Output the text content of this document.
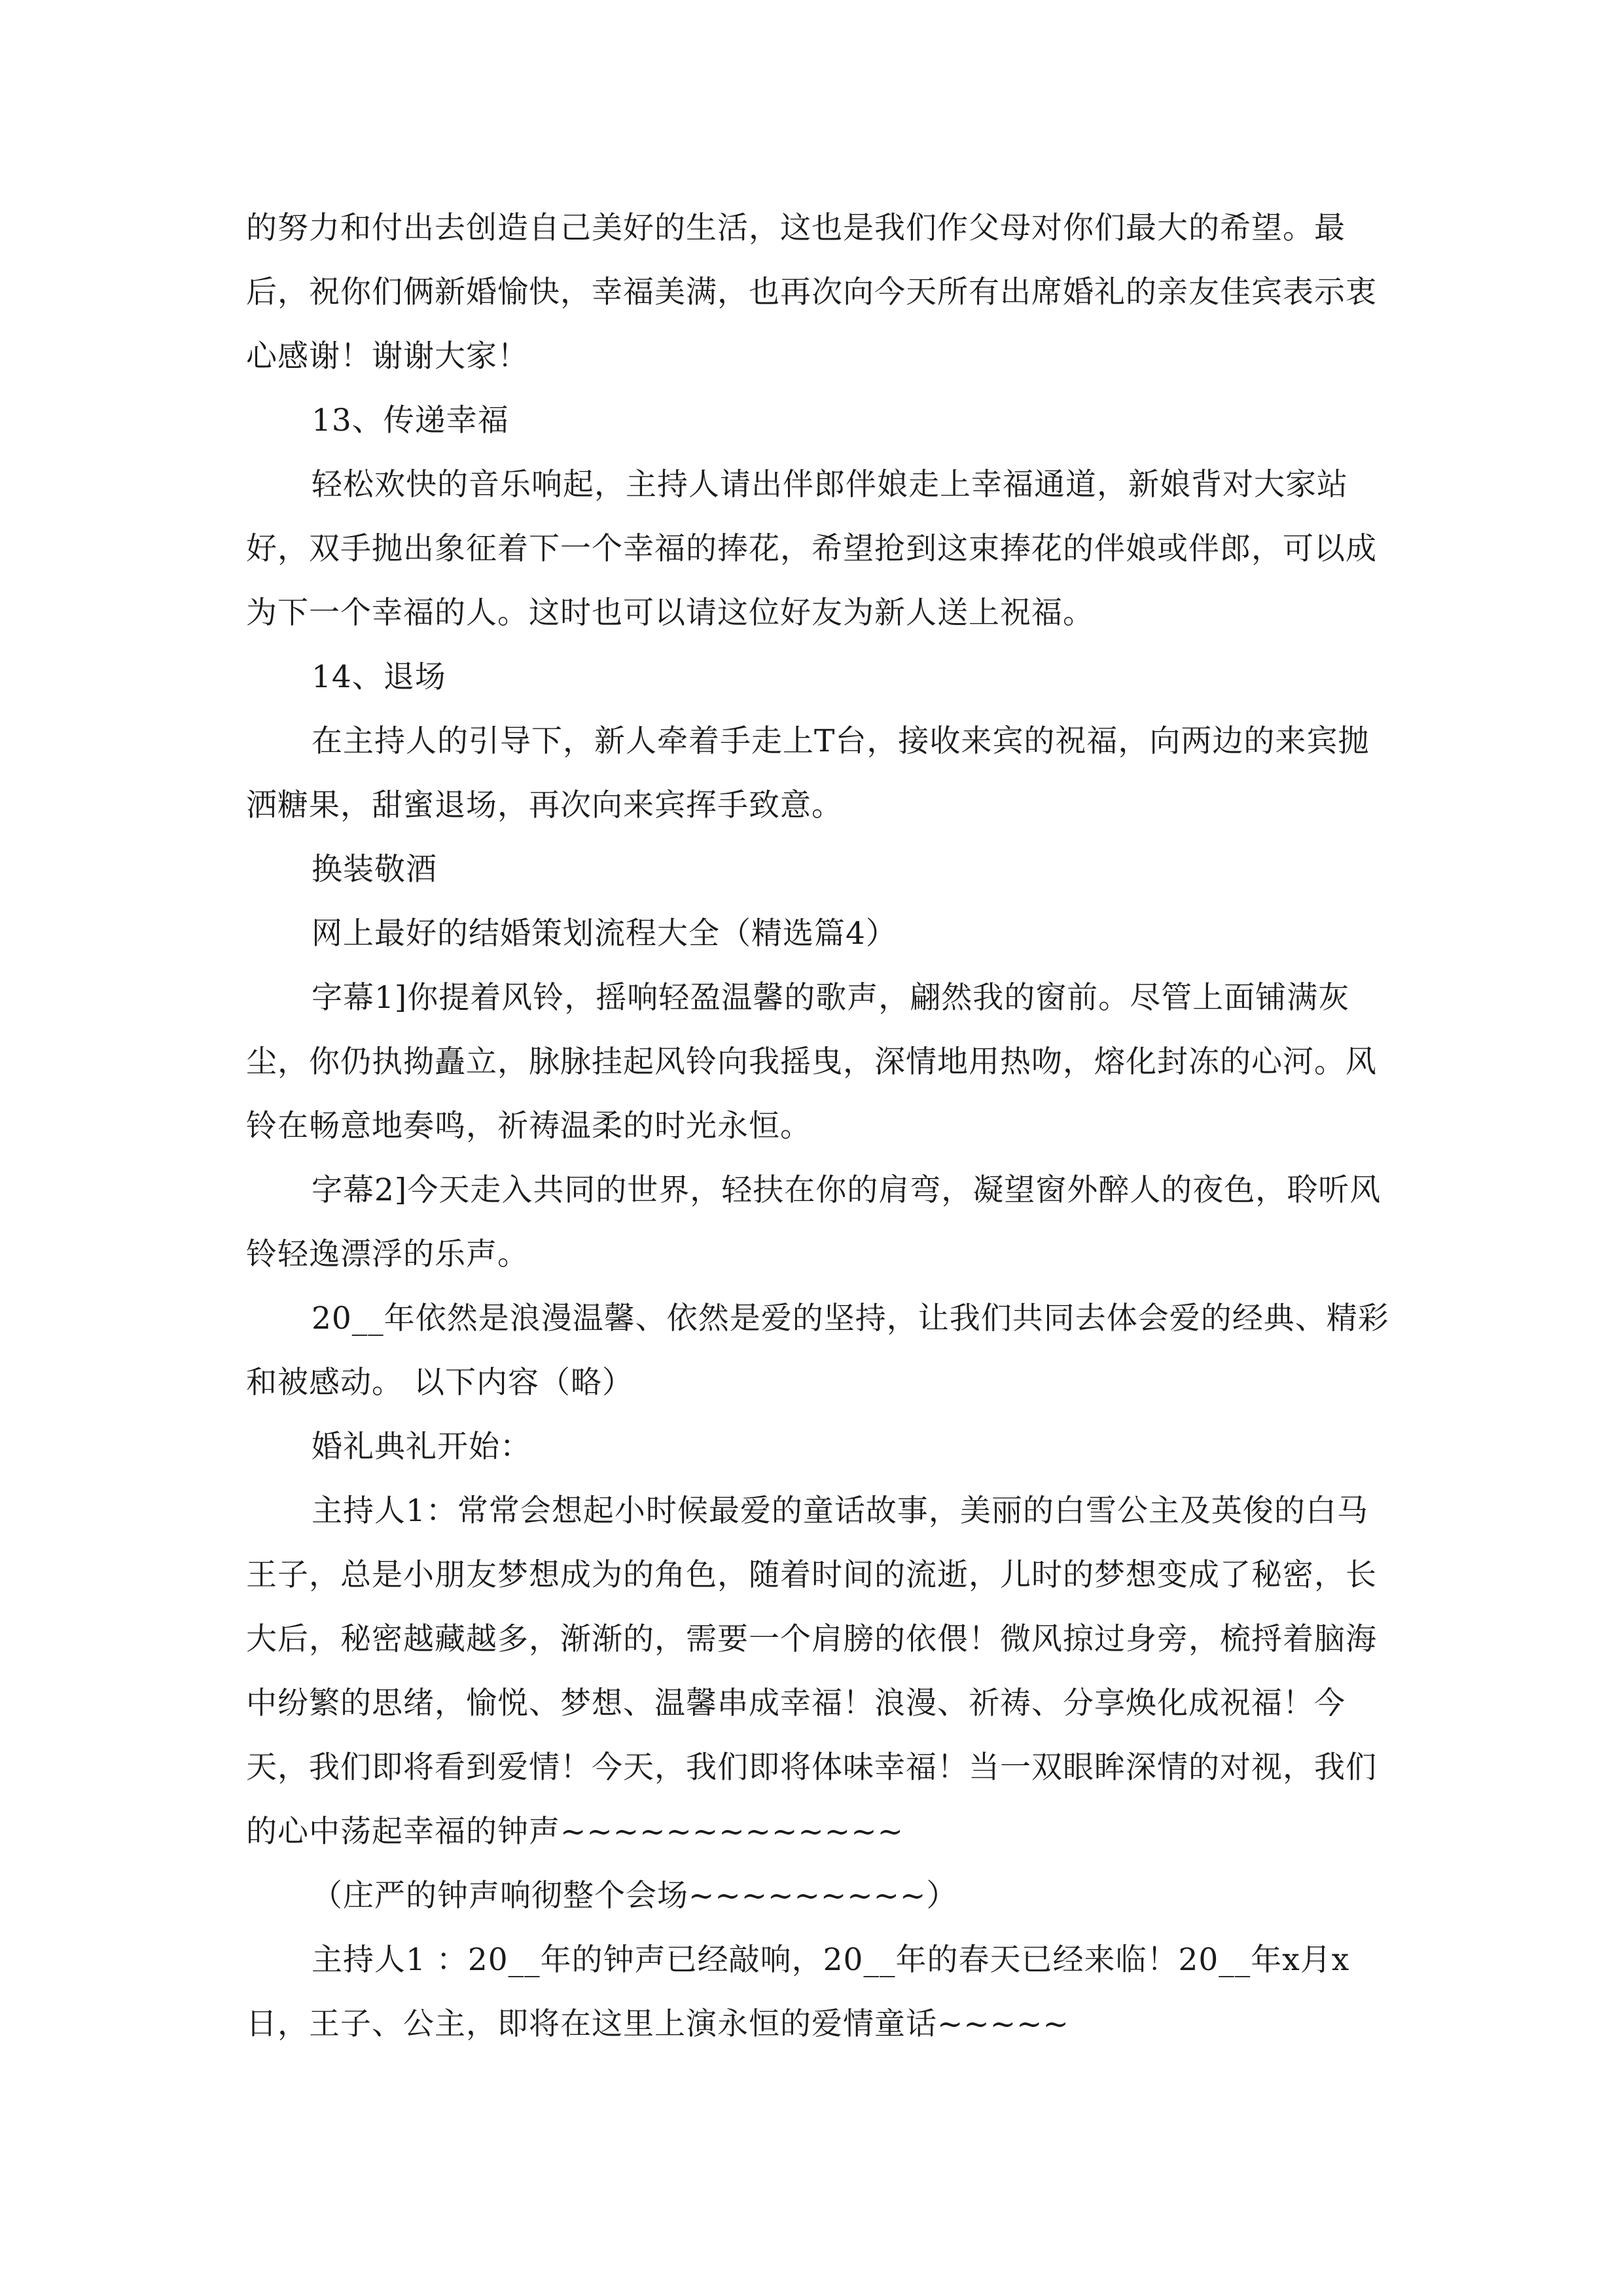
的努力和付出去创造自己美好的生活，这也是我们作父母对你们最大的希望。最后，祝你们俩新婚愉快，幸福美满，也再次向今天所有出席婚礼的亲友佳宾表示衷心感谢！谢谢大家！

13、传递幸福

轻松欢快的音乐响起，主持人请出伴郎伴娘走上幸福通道，新娘背对大家站好，双手抛出象征着下一个幸福的捧花，希望抢到这束捧花的伴娘或伴郎，可以成为下一个幸福的人。这时也可以请这位好友为新人送上祝福。

14、退场

在主持人的引导下，新人牵着手走上T台，接收来宾的祝福，向两边的来宾抛洒糖果，甜蜜退场，再次向来宾挥手致意。

换装敬酒

网上最好的结婚策划流程大全（精选篇4）

字幕1]你提着风铃，摇响轻盈温馨的歌声，翩然我的窗前。尽管上面铺满灰尘，你仍执拗矗立，脉脉挂起风铃向我摇曳，深情地用热吻，熔化封冻的心河。风铃在畅意地奏鸣，祈祷温柔的时光永恒。

字幕2]今天走入共同的世界，轻扶在你的肩弯，凝望窗外醉人的夜色，聆听风铃轻逸漂浮的乐声。

20__年依然是浪漫温馨、依然是爱的坚持，让我们共同去体会爱的经典、精彩和被感动。 以下内容（略）

婚礼典礼开始：

主持人1：常常会想起小时候最爱的童话故事，美丽的白雪公主及英俊的白马王子，总是小朋友梦想成为的角色，随着时间的流逝，儿时的梦想变成了秘密，长大后，秘密越藏越多，渐渐的，需要一个肩膀的依偎！微风掠过身旁，梳捋着脑海中纷繁的思绪，愉悦、梦想、温馨串成幸福！浪漫、祈祷、分享焕化成祝福！今天，我们即将看到爱情！今天，我们即将体味幸福！当一双眼眸深情的对视，我们的心中荡起幸福的钟声~~~~~~~~~~~~~

（庄严的钟声响彻整个会场~~~~~~~~~）

主持人1 ：20__年的钟声已经敲响，20__年的春天已经来临！20__年x月x日，王子、公主，即将在这里上演永恒的爱情童话~~~~~
